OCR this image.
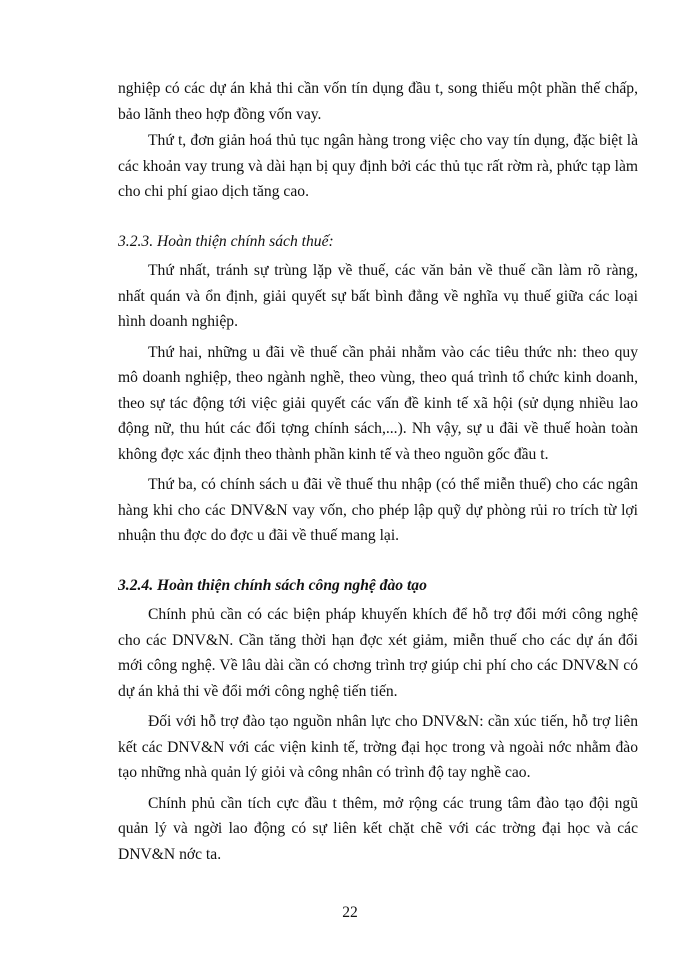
nghiệp có các dự án khả thi cần vốn tín dụng đầu t, song thiếu một phần thế chấp, bảo lãnh theo hợp đồng vốn vay.

Thứ t, đơn giản hoá thủ tục ngân hàng trong việc cho vay tín dụng, đặc biệt là các khoản vay trung và dài hạn bị quy định bởi các thủ tục rất rờm rà, phức tạp làm cho chi phí giao dịch tăng cao.

3.2.3. Hoàn thiện chính sách thuế:

Thứ nhất, tránh sự trùng lặp về thuế, các văn bản về thuế cần làm rõ ràng, nhất quán và ổn định, giải quyết sự bất bình đẳng về nghĩa vụ thuế giữa các loại hình doanh nghiệp.

Thứ hai, những u đãi về thuế cần phải nhằm vào các tiêu thức nh: theo quy mô doanh nghiệp, theo ngành nghề, theo vùng, theo quá trình tổ chức kinh doanh, theo sự tác động tới việc giải quyết các vấn đề kinh tế xã hội (sử dụng nhiều lao động nữ, thu hút các đối tợng chính sách,...). Nh vậy, sự u đãi về thuế hoàn toàn không đợc xác định theo thành phần kinh tế và theo nguồn gốc đầu t.

Thứ ba, có chính sách u đãi về thuế thu nhập (có thể miễn thuế) cho các ngân hàng khi cho các DNV&N vay vốn, cho phép lập quỹ dự phòng rủi ro trích từ lợi nhuận thu đợc do đợc u đãi về thuế mang lại.

3.2.4. Hoàn thiện chính sách công nghệ đào tạo

Chính phủ cần có các biện pháp khuyến khích để hỗ trợ đổi mới công nghệ cho các DNV&N. Cần tăng thời hạn đợc xét giảm, miễn thuế cho các dự án đổi mới công nghệ. Về lâu dài cần có chơng trình trợ giúp chi phí cho các DNV&N có dự án khả thi về đổi mới công nghệ tiến tiến.

Đối với hỗ trợ đào tạo nguồn nhân lực cho DNV&N: cần xúc tiến, hỗ trợ liên kết các DNV&N với các viện kinh tế, trờng đại học trong và ngoài nớc nhằm đào tạo những nhà quản lý giỏi và công nhân có trình độ tay nghề cao.

Chính phủ cần tích cực đầu t thêm, mở rộng các trung tâm đào tạo đội ngũ quản lý và ngời lao động có sự liên kết chặt chẽ với các trờng đại học và các DNV&N nớc ta.

22
